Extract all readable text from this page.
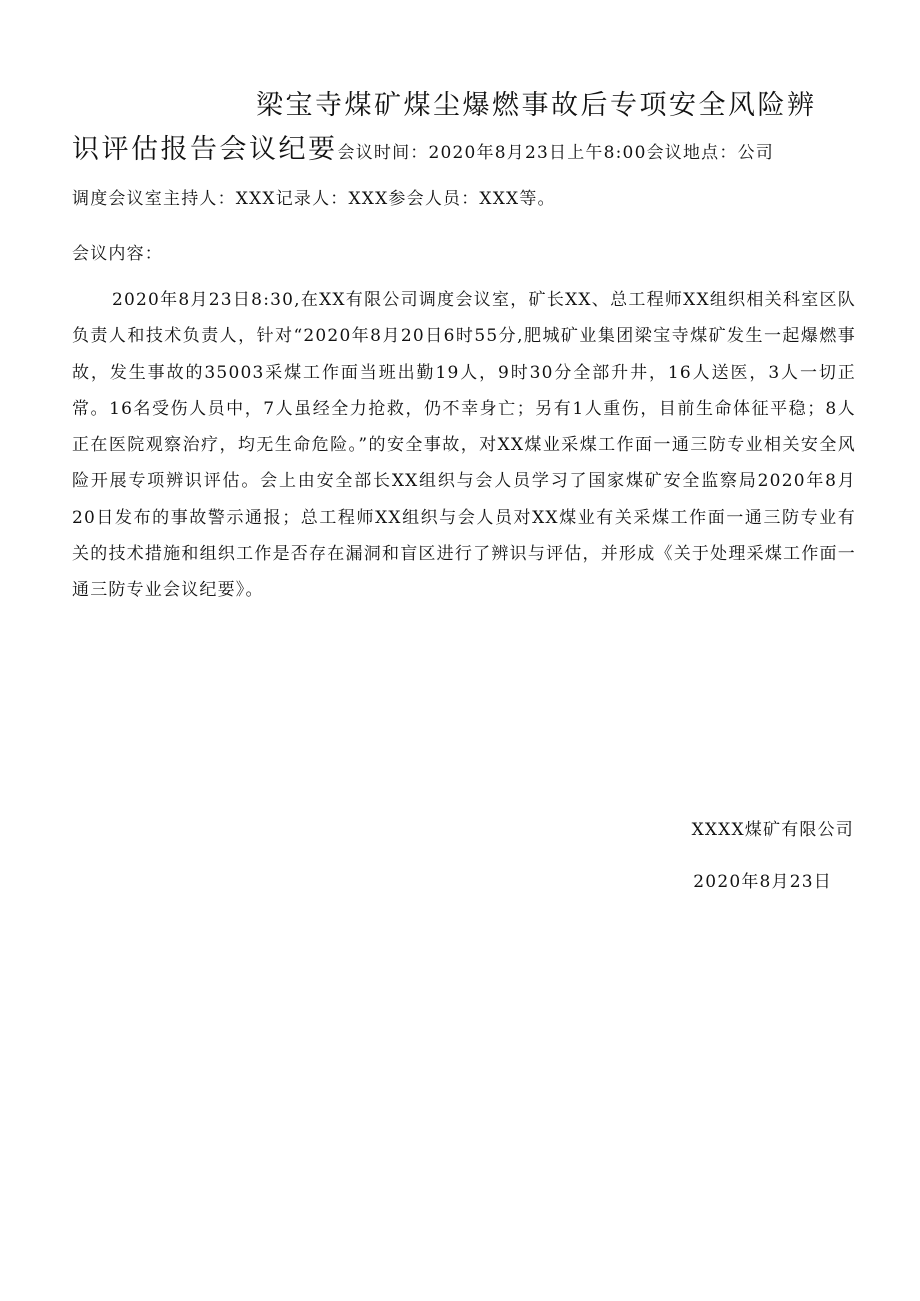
梁宝寺煤矿煤尘爆燃事故后专项安全风险辨
识评估报告会议纪要会议时间：2020年8月23日上午8:00会议地点：公司
调度会议室主持人：XXX记录人：XXX参会人员：XXX等。
会议内容：

2020年8月23日8:30,在XX有限公司调度会议室，矿长XX、总工程师XX组织相关科室区队负责人和技术负责人，针对“2020年8月20日6时55分,肥城矿业集团梁宝寺煤矿发生一起爆燃事故，发生事故的35003采煤工作面当班出勤19人，9时30分全部升井，16人送医，3人一切正常。16名受伤人员中，7人虽经全力抢救，仍不幸身亡；另有1人重伤，目前生命体征平稳；8人正在医院观察治疗，均无生命危险。”的安全事故，对XX煤业采煤工作面一通三防专业相关安全风险开展专项辨识评估。会上由安全部长XX组织与会人员学习了国家煤矿安全监察局2020年8月20日发布的事故警示通报；总工程师XX组织与会人员对XX煤业有关采煤工作面一通三防专业有关的技术措施和组织工作是否存在漏洞和盲区进行了辨识与评估，并形成《关于处理采煤工作面一通三防专业会议纪要》。

XXXX煤矿有限公司
2020年8月23日
